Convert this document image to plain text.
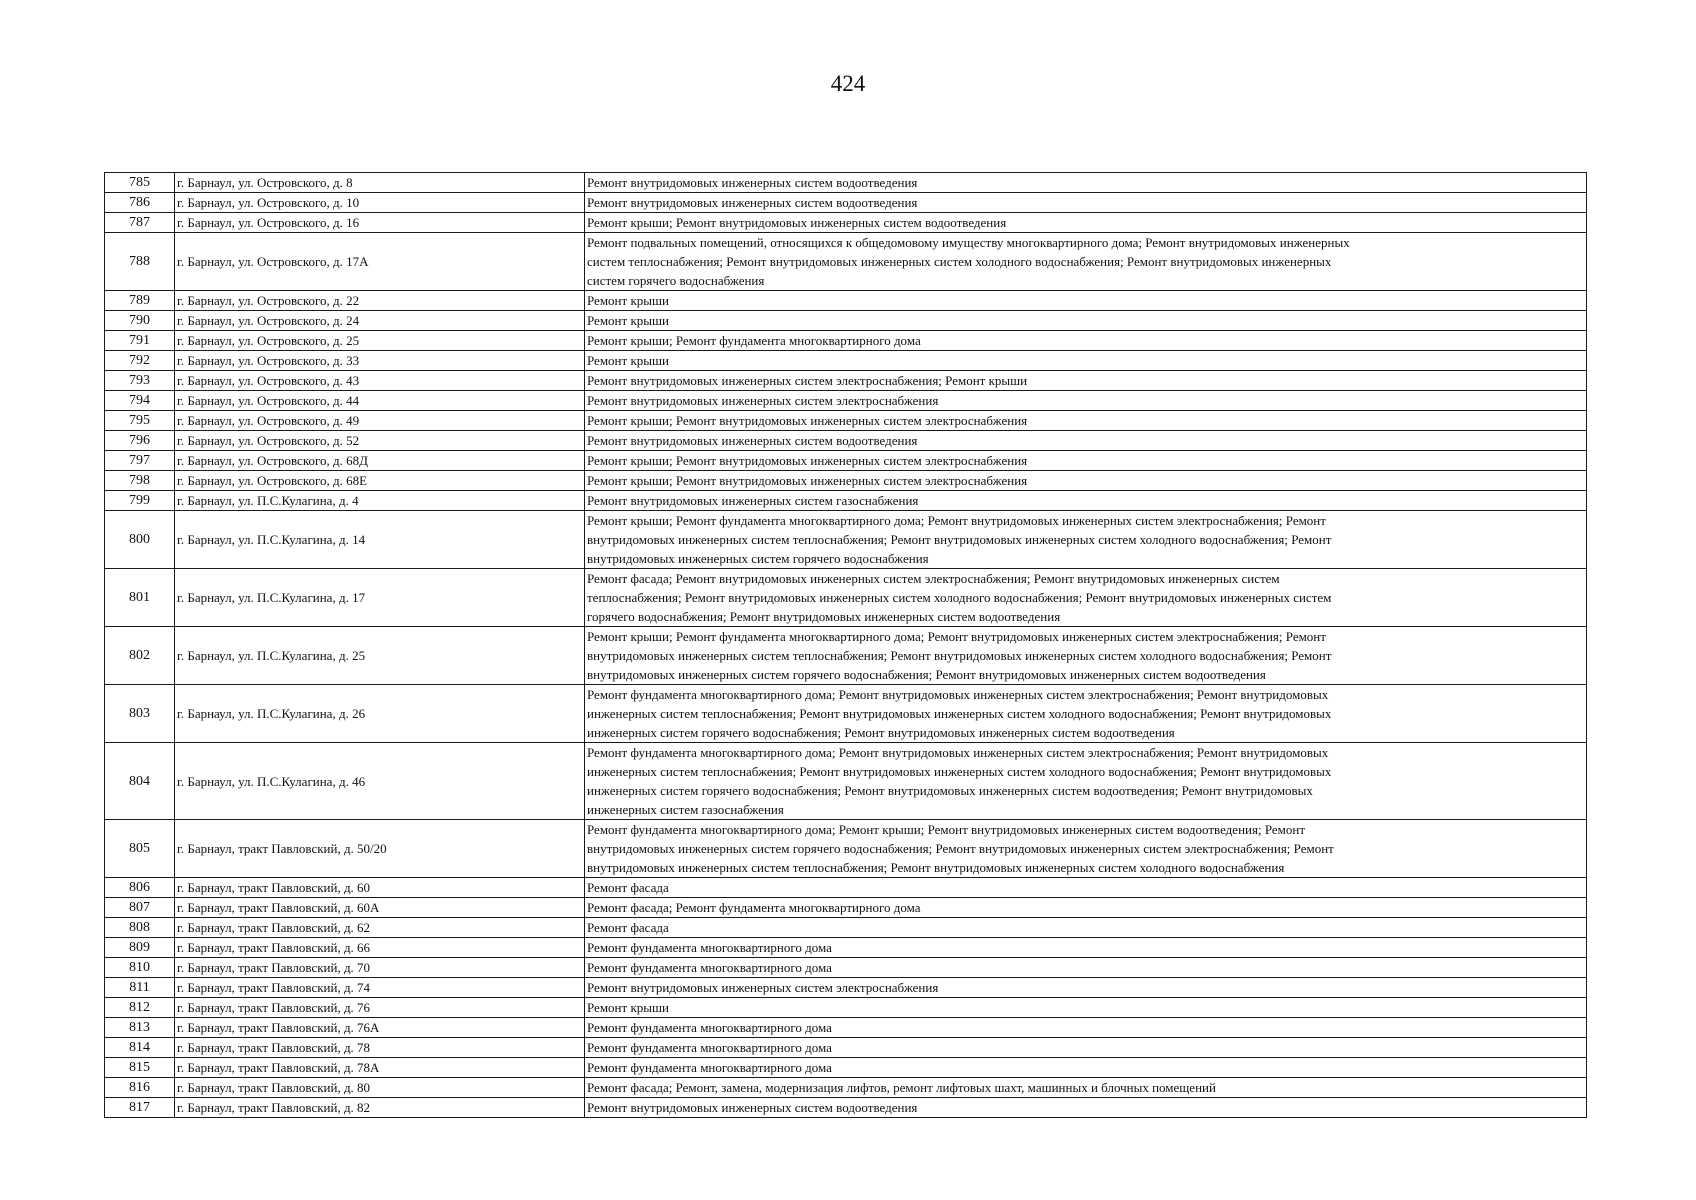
424
785	г. Барнаул, ул. Островского, д. 8	Ремонт внутридомовых инженерных систем водоотведения

786	г. Барнаул, ул. Островского, д. 10	Ремонт внутридомовых инженерных систем водоотведения

787	г. Барнаул, ул. Островского, д. 16	Ремонт крыши; Ремонт внутридомовых инженерных систем водоотведения

788	г. Барнаул, ул. Островского, д. 17А	Ремонт подвальных помещений, относящихся к общедомовому имуществу многоквартирного дома; Ремонт внутридомовых инженерных
систем теплоснабжения; Ремонт внутридомовых инженерных систем холодного водоснабжения; Ремонт внутридомовых инженерных
систем горячего водоснабжения

789	г. Барнаул, ул. Островского, д. 22	Ремонт крыши

790	г. Барнаул, ул. Островского, д. 24	Ремонт крыши

791	г. Барнаул, ул. Островского, д. 25	Ремонт крыши; Ремонт фундамента многоквартирного дома

792	г. Барнаул, ул. Островского, д. 33	Ремонт крыши

793	г. Барнаул, ул. Островского, д. 43	Ремонт внутридомовых инженерных систем электроснабжения; Ремонт крыши

794	г. Барнаул, ул. Островского, д. 44	Ремонт внутридомовых инженерных систем электроснабжения

795	г. Барнаул, ул. Островского, д. 49	Ремонт крыши; Ремонт внутридомовых инженерных систем электроснабжения

796	г. Барнаул, ул. Островского, д. 52	Ремонт внутридомовых инженерных систем водоотведения

797	г. Барнаул, ул. Островского, д. 68Д	Ремонт крыши; Ремонт внутридомовых инженерных систем электроснабжения

798	г. Барнаул, ул. Островского, д. 68Е	Ремонт крыши; Ремонт внутридомовых инженерных систем электроснабжения

799	г. Барнаул, ул. П.С.Кулагина, д. 4	Ремонт внутридомовых инженерных систем газоснабжения

800	г. Барнаул, ул. П.С.Кулагина, д. 14	Ремонт крыши; Ремонт фундамента многоквартирного дома; Ремонт внутридомовых инженерных систем электроснабжения; Ремонт
внутридомовых инженерных систем теплоснабжения; Ремонт внутридомовых инженерных систем холодного водоснабжения; Ремонт
внутридомовых инженерных систем горячего водоснабжения

801	г. Барнаул, ул. П.С.Кулагина, д. 17	Ремонт фасада; Ремонт внутридомовых инженерных систем электроснабжения; Ремонт внутридомовых инженерных систем
теплоснабжения; Ремонт внутридомовых инженерных систем холодного водоснабжения; Ремонт внутридомовых инженерных систем
горячего водоснабжения; Ремонт внутридомовых инженерных систем водоотведения

802	г. Барнаул, ул. П.С.Кулагина, д. 25	Ремонт крыши; Ремонт фундамента многоквартирного дома; Ремонт внутридомовых инженерных систем электроснабжения; Ремонт
внутридомовых инженерных систем теплоснабжения; Ремонт внутридомовых инженерных систем холодного водоснабжения; Ремонт
внутридомовых инженерных систем горячего водоснабжения; Ремонт внутридомовых инженерных систем водоотведения

803	г. Барнаул, ул. П.С.Кулагина, д. 26	Ремонт фундамента многоквартирного дома; Ремонт внутридомовых инженерных систем электроснабжения; Ремонт внутридомовых
инженерных систем теплоснабжения; Ремонт внутридомовых инженерных систем холодного водоснабжения; Ремонт внутридомовых
инженерных систем горячего водоснабжения; Ремонт внутридомовых инженерных систем водоотведения

804	г. Барнаул, ул. П.С.Кулагина, д. 46	Ремонт фундамента многоквартирного дома; Ремонт внутридомовых инженерных систем электроснабжения; Ремонт внутридомовых
инженерных систем теплоснабжения; Ремонт внутридомовых инженерных систем холодного водоснабжения; Ремонт внутридомовых
инженерных систем горячего водоснабжения; Ремонт внутридомовых инженерных систем водоотведения; Ремонт внутридомовых
инженерных систем газоснабжения

805	г. Барнаул, тракт Павловский, д. 50/20	Ремонт фундамента многоквартирного дома; Ремонт крыши; Ремонт внутридомовых инженерных систем водоотведения; Ремонт
внутридомовых инженерных систем горячего водоснабжения; Ремонт внутридомовых инженерных систем электроснабжения; Ремонт
внутридомовых инженерных систем теплоснабжения; Ремонт внутридомовых инженерных систем холодного водоснабжения

806	г. Барнаул, тракт Павловский, д. 60	Ремонт фасада

807	г. Барнаул, тракт Павловский, д. 60А	Ремонт фасада; Ремонт фундамента многоквартирного дома

808	г. Барнаул, тракт Павловский, д. 62	Ремонт фасада

809	г. Барнаул, тракт Павловский, д. 66	Ремонт фундамента многоквартирного дома

810	г. Барнаул, тракт Павловский, д. 70	Ремонт фундамента многоквартирного дома

811	г. Барнаул, тракт Павловский, д. 74	Ремонт внутридомовых инженерных систем электроснабжения

812	г. Барнаул, тракт Павловский, д. 76	Ремонт крыши

813	г. Барнаул, тракт Павловский, д. 76А	Ремонт фундамента многоквартирного дома

814	г. Барнаул, тракт Павловский, д. 78	Ремонт фундамента многоквартирного дома

815	г. Барнаул, тракт Павловский, д. 78А	Ремонт фундамента многоквартирного дома

816	г. Барнаул, тракт Павловский, д. 80	Ремонт фасада; Ремонт, замена, модернизация лифтов, ремонт лифтовых шахт, машинных и блочных помещений

817	г. Барнаул, тракт Павловский, д. 82	Ремонт внутридомовых инженерных систем водоотведения
